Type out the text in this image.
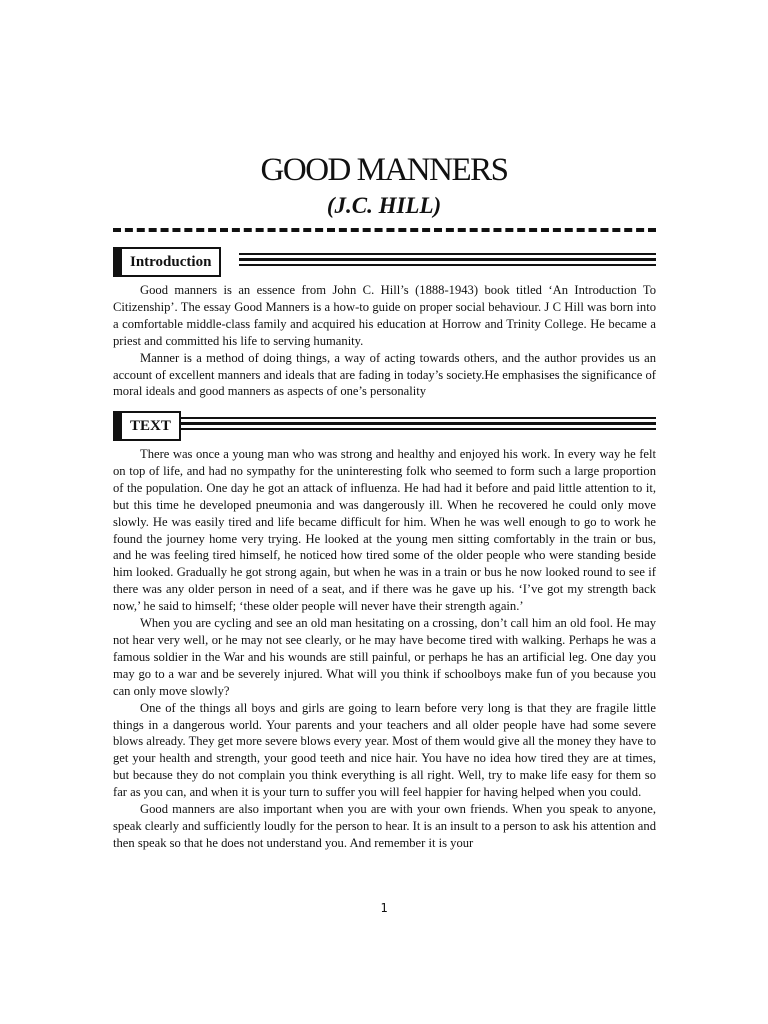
GOOD MANNERS
(J.C. HILL)
Introduction

Good manners is an essence from John C. Hill’s (1888-1943) book titled ‘An Introduction To Citizenship’. The essay Good Manners is a how-to guide on proper social behaviour. J C Hill was born into a comfortable middle-class family and acquired his education at Horrow and Trinity College. He became a priest and committed his life to serving humanity.

Manner is a method of doing things, a way of acting towards others, and the author provides us an account of excellent manners and ideals that are fading in today’s society.He emphasises the significance of moral ideals and good manners as aspects of one’s personality

TEXT

There was once a young man who was strong and healthy and enjoyed his work. In every way he felt on top of life, and had no sympathy for the uninteresting folk who seemed to form such a large proportion of the population. One day he got an attack of influenza. He had had it before and paid little attention to it, but this time he developed pneumonia and was dangerously ill. When he recovered he could only move slowly. He was easily tired and life became difficult for him. When he was well enough to go to work he found the journey home very trying. He looked at the young men sitting comfortably in the train or bus, and he was feeling tired himself, he noticed how tired some of the older people who were standing beside him looked. Gradually he got strong again, but when he was in a train or bus he now looked round to see if there was any older person in need of a seat, and if there was he gave up his. ‘I’ve got my strength back now,’ he said to himself; ‘these older people will never have their strength again.’

When you are cycling and see an old man hesitating on a crossing, don’t call him an old fool. He may not hear very well, or he may not see clearly, or he may have become tired with walking. Perhaps he was a famous soldier in the War and his wounds are still painful, or perhaps he has an artificial leg. One day you may go to a war and be severely injured. What will you think if schoolboys make fun of you because you can only move slowly?

One of the things all boys and girls are going to learn before very long is that they are fragile little things in a dangerous world. Your parents and your teachers and all older people have had some severe blows already. They get more severe blows every year. Most of them would give all the money they have to get your health and strength, your good teeth and nice hair. You have no idea how tired they are at times, but because they do not complain you think everything is all right. Well, try to make life easy for them so far as you can, and when it is your turn to suffer you will feel happier for having helped when you could.

Good manners are also important when you are with your own friends. When you speak to anyone, speak clearly and sufficiently loudly for the person to hear. It is an insult to a person to ask his attention and then speak so that he does not understand you. And remember it is your

1
